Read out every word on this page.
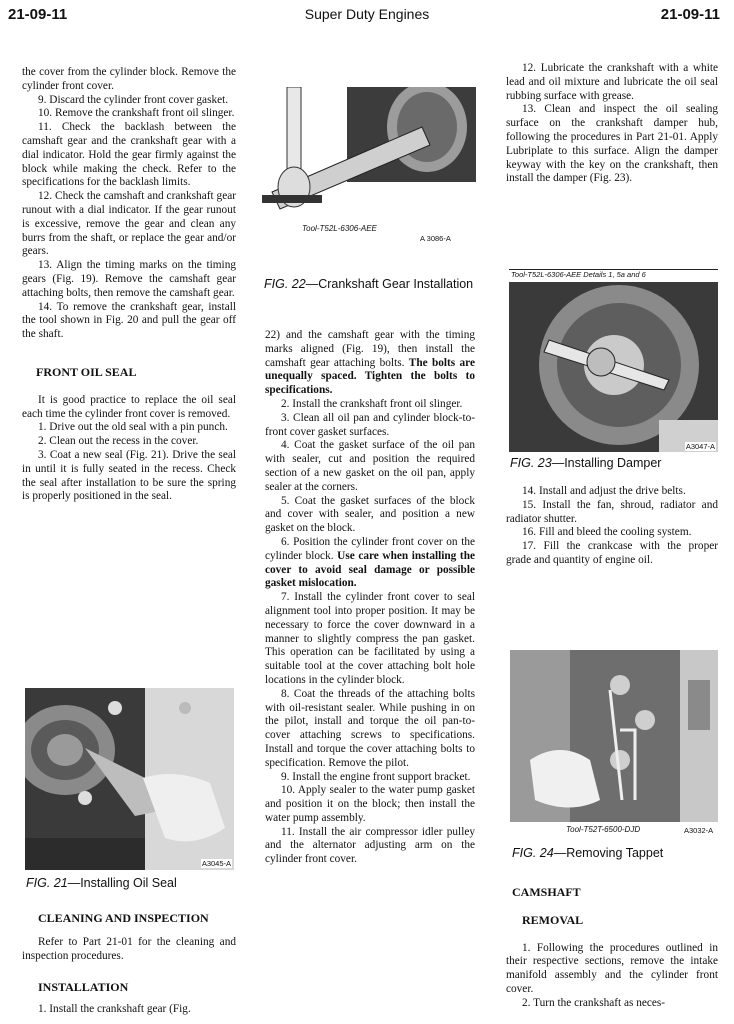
21-09-11	Super Duty Engines	21-09-11

the cover from the cylinder block. Remove the cylinder front cover.

9. Discard the cylinder front cover gasket.

10. Remove the crankshaft front oil slinger.

11. Check the backlash between the camshaft gear and the crankshaft gear with a dial indicator. Hold the gear firmly against the block while making the check. Refer to the specifications for the backlash limits.

12. Check the camshaft and crankshaft gear runout with a dial indicator. If the gear runout is excessive, remove the gear and clean any burrs from the shaft, or replace the gear and/or gears.

13. Align the timing marks on the timing gears (Fig. 19). Remove the camshaft gear attaching bolts, then remove the camshaft gear.

14. To remove the crankshaft gear, install the tool shown in Fig. 20 and pull the gear off the shaft.

FRONT OIL SEAL

It is good practice to replace the oil seal each time the cylinder front cover is removed.

1. Drive out the old seal with a pin punch.

2. Clean out the recess in the cover.

3. Coat a new seal (Fig. 21). Drive the seal in until it is fully seated in the recess. Check the seal after installation to be sure the spring is properly positioned in the seal.

A3045-A
FIG. 21—Installing Oil Seal

CLEANING AND INSPECTION

Refer to Part 21-01 for the cleaning and inspection procedures.

INSTALLATION

1. Install the crankshaft gear (Fig.

Tool-T52L-6306-AEE
A 3086-A
FIG. 22—Crankshaft Gear Installation

22) and the camshaft gear with the timing marks aligned (Fig. 19), then install the camshaft gear attaching bolts. The bolts are unequally spaced. Tighten the bolts to specifications.

2. Install the crankshaft front oil slinger.

3. Clean all oil pan and cylinder block-to-front cover gasket surfaces.

4. Coat the gasket surface of the oil pan with sealer, cut and position the required section of a new gasket on the oil pan, apply sealer at the corners.

5. Coat the gasket surfaces of the block and cover with sealer, and position a new gasket on the block.

6. Position the cylinder front cover on the cylinder block. Use care when installing the cover to avoid seal damage or possible gasket mislocation.

7. Install the cylinder front cover to seal alignment tool into proper position. It may be necessary to force the cover downward in a manner to slightly compress the pan gasket. This operation can be facilitated by using a suitable tool at the cover attaching bolt hole locations in the cylinder block.

8. Coat the threads of the attaching bolts with oil-resistant sealer. While pushing in on the pilot, install and torque the oil pan-to-cover attaching screws to specifications. Install and torque the cover attaching bolts to specification. Remove the pilot.

9. Install the engine front support bracket.

10. Apply sealer to the water pump gasket and position it on the block; then install the water pump assembly.

11. Install the air compressor idler pulley and the alternator adjusting arm on the cylinder front cover.

12. Lubricate the crankshaft with a white lead and oil mixture and lubricate the oil seal rubbing surface with grease.

13. Clean and inspect the oil sealing surface on the crankshaft damper hub, following the procedures in Part 21-01. Apply Lubriplate to this surface. Align the damper keyway with the key on the crankshaft, then install the damper (Fig. 23).

Tool-T52L-6306-AEE Details 1, 5a and 6
A3047-A
FIG. 23—Installing Damper

14. Install and adjust the drive belts.

15. Install the fan, shroud, radiator and radiator shutter.

16. Fill and bleed the cooling system.

17. Fill the crankcase with the proper grade and quantity of engine oil.

Tool-T52T-6500-DJD	A3032-A
FIG. 24—Removing Tappet

CAMSHAFT

REMOVAL

1. Following the procedures outlined in their respective sections, remove the intake manifold assembly and the cylinder front cover.

2. Turn the crankshaft as neces-
